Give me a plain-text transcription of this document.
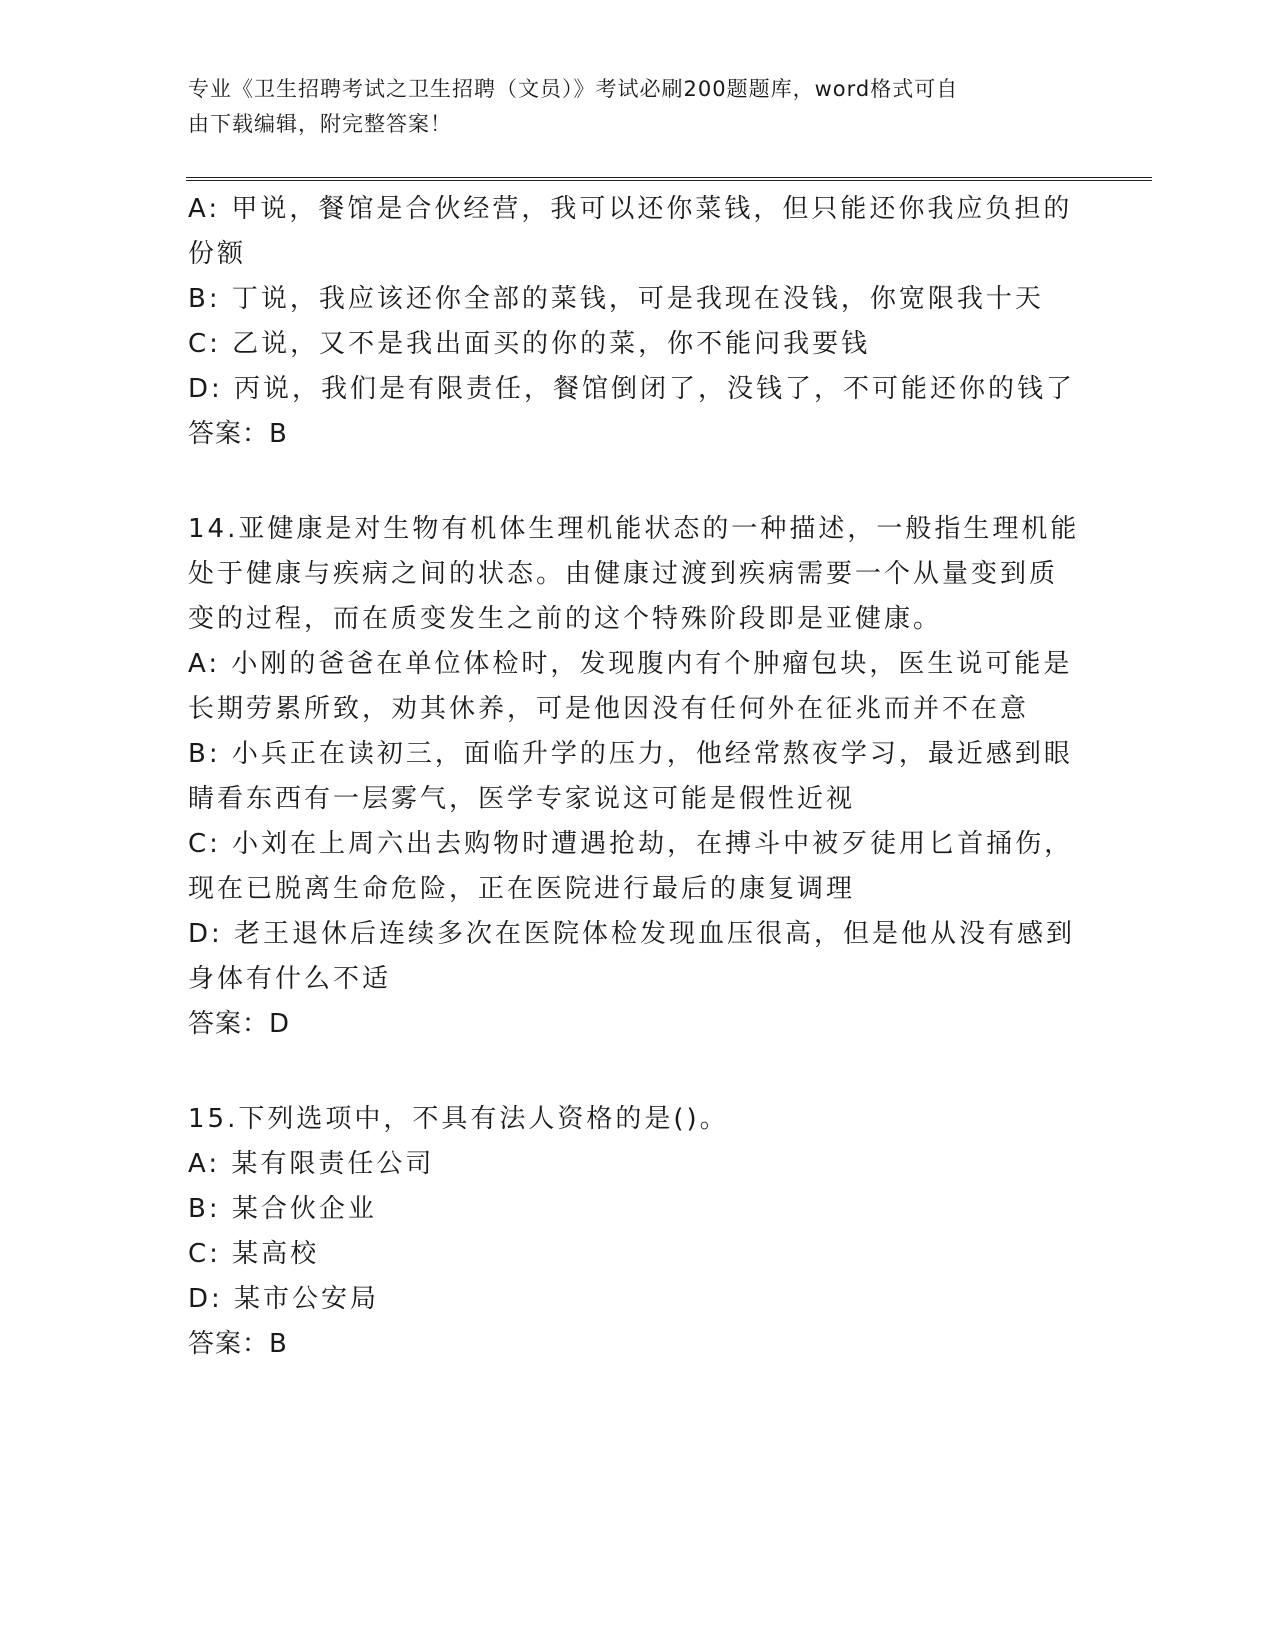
专业《卫生招聘考试之卫生招聘（文员）》考试必刷200题题库，word格式可自
由下载编辑，附完整答案！
A: 甲说，餐馆是合伙经营，我可以还你菜钱，但只能还你我应负担的
份额
B: 丁说，我应该还你全部的菜钱，可是我现在没钱，你宽限我十天
C: 乙说，又不是我出面买的你的菜，你不能问我要钱
D: 丙说，我们是有限责任，餐馆倒闭了，没钱了，不可能还你的钱了
答案：B
14.亚健康是对生物有机体生理机能状态的一种描述，一般指生理机能
处于健康与疾病之间的状态。由健康过渡到疾病需要一个从量变到质
变的过程，而在质变发生之前的这个特殊阶段即是亚健康。
A: 小刚的爸爸在单位体检时，发现腹内有个肿瘤包块，医生说可能是
长期劳累所致，劝其休养，可是他因没有任何外在征兆而并不在意
B: 小兵正在读初三，面临升学的压力，他经常熬夜学习，最近感到眼
睛看东西有一层雾气，医学专家说这可能是假性近视
C: 小刘在上周六出去购物时遭遇抢劫，在搏斗中被歹徒用匕首捅伤，
现在已脱离生命危险，正在医院进行最后的康复调理
D: 老王退休后连续多次在医院体检发现血压很高，但是他从没有感到
身体有什么不适
答案：D
15.下列选项中，不具有法人资格的是()。
A: 某有限责任公司
B: 某合伙企业
C: 某高校
D: 某市公安局
答案：B
